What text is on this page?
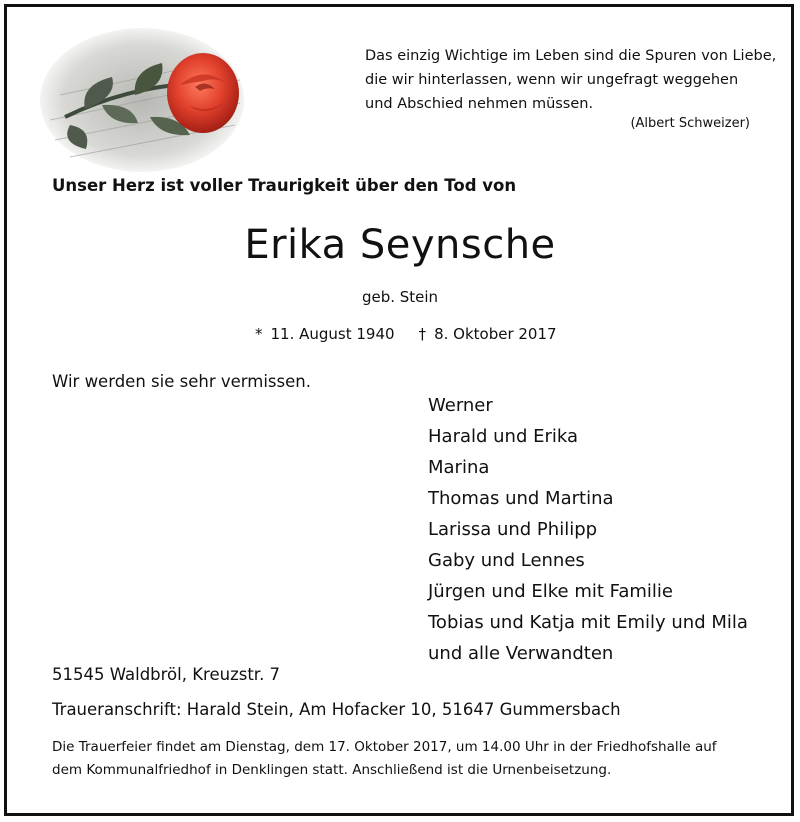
Das einzig Wichtige im Leben sind die Spuren von Liebe,
die wir hinterlassen, wenn wir ungefragt weggehen
und Abschied nehmen müssen.
(Albert Schweizer)
Unser Herz ist voller Traurigkeit über den Tod von
Erika Seynsche
geb. Stein
* 11. August 1940 † 8. Oktober 2017
Wir werden sie sehr vermissen.
Werner
Harald und Erika
Marina
Thomas und Martina
Larissa und Philipp
Gaby und Lennes
Jürgen und Elke mit Familie
Tobias und Katja mit Emily und Mila
und alle Verwandten
51545 Waldbröl, Kreuzstr. 7
Traueranschrift: Harald Stein, Am Hofacker 10, 51647 Gummersbach
Die Trauerfeier findet am Dienstag, dem 17. Oktober 2017, um 14.00 Uhr in der Friedhofshalle auf
dem Kommunalfriedhof in Denklingen statt. Anschließend ist die Urnenbeisetzung.
